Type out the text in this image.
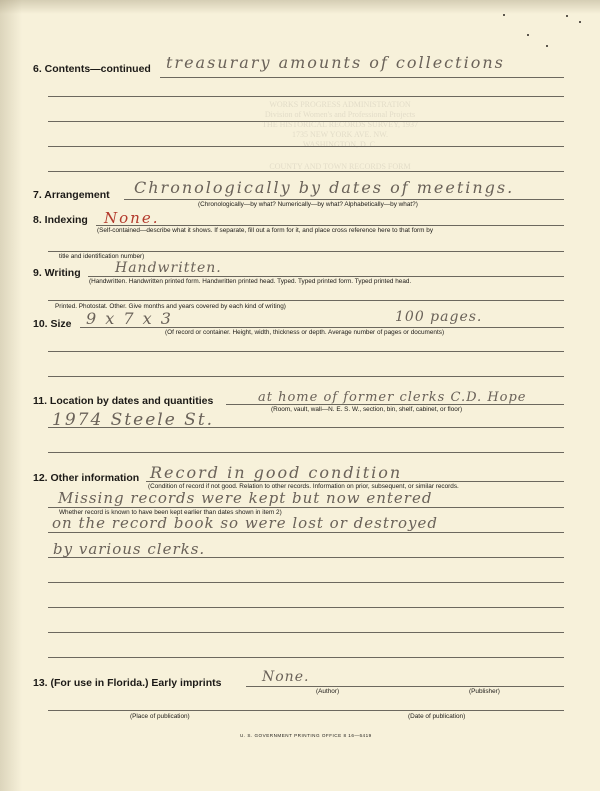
WORKS PROGRESS ADMINISTRATION
Division of Women's and Professional Projects
THE HISTORICAL RECORDS SURVEY, 1937
1735 NEW YORK AVE. NW.
WASHINGTON, D. C.
COUNTY AND TOWN RECORDS FORM
6. Contents—continued treasurary amounts of collections
7. Arrangement Chronologically by dates of meetings.
(Chronologically—by what? Numerically—by what? Alphabetically—by what?)
8. Indexing None.
(Self-contained—describe what it shows. If separate, fill out a form for it, and place cross reference here to that form by
title and identification number)
9. Writing Handwritten.
(Handwritten. Handwritten printed form. Handwritten printed head. Typed. Typed printed form. Typed printed head.
Printed. Photostat. Other. Give months and years covered by each kind of writing)
10. Size 9 x 7 x 3	100 pages.
(Of record or container. Height, width, thickness or depth. Average number of pages or documents)
11. Location by dates and quantities	at home of former clerks C.D. Hope
(Room, vault, wall—N. E. S. W., section, bin, shelf, cabinet, or floor)
1974 Steele St.
12. Other information Record in good condition
(Condition of record if not good. Relation to other records. Information on prior, subsequent, or similar records.
Missing records were kept but now entered
Whether record is known to have been kept earlier than dates shown in item 2)
on the record book so were lost or destroyed
by various clerks.
13. (For use in Florida.) Early imprints	None.
(Author)	(Publisher)
(Place of publication)	(Date of publication)
U. S. GOVERNMENT PRINTING OFFICE 8 16—6419
